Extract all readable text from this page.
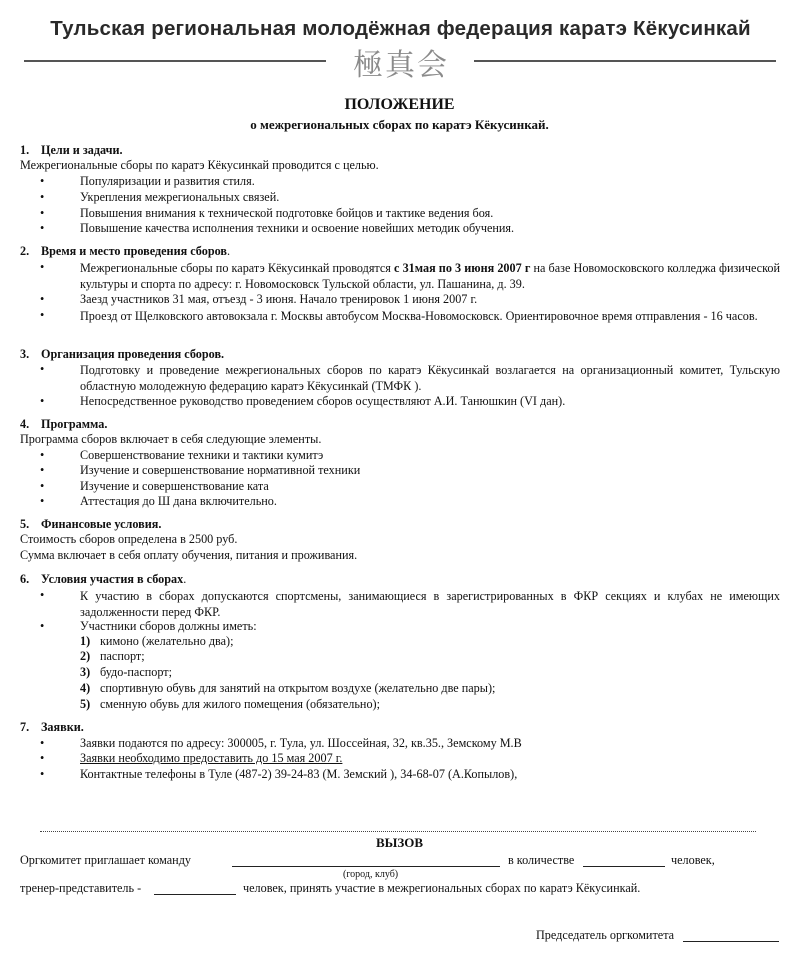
Тульская региональная молодёжная федерация каратэ Кёкусинкай
極真会
ПОЛОЖЕНИЕ
о межрегиональных сборах по каратэ Кёкусинкай.
1. Цели и задачи.
Межрегиональные сборы по каратэ Кёкусинкай проводится с целью.
•	Популяризации и развития стиля.
•	Укрепления межрегиональных связей.
•	Повышения внимания к технической подготовке бойцов и тактике ведения боя.
•	Повышение качества исполнения техники и освоение новейших методик обучения.
2. Время и место проведения сборов.
•	Межрегиональные сборы по каратэ Кёкусинкай проводятся с 31мая по 3 июня 2007 г на базе Новомосковского колледжа физической культуры и спорта по адресу: г. Новомосковск Тульской области, ул. Пашанина, д. 39.
•	Заезд участников 31 мая, отъезд - 3 июня. Начало тренировок 1 июня 2007 г.
•	Проезд от Щелковского автовокзала г. Москвы автобусом Москва-Новомосковск. Ориентировочное время отправления - 16 часов.
3. Организация проведения сборов.
•	Подготовку и проведение межрегиональных сборов по каратэ Кёкусинкай возлагается на организационный комитет, Тульскую областную молодежную федерацию каратэ Кёкусинкай (ТМФК ).
•	Непосредственное руководство проведением сборов осуществляют А.И. Танюшкин (VI дан).
4. Программа.
Программа сборов включает в себя следующие элементы.
•	Совершенствование техники и тактики кумитэ
•	Изучение и совершенствование нормативной техники
•	Изучение и совершенствование ката
•	Аттестация до Ш дана включительно.
5. Финансовые условия.
Стоимость сборов определена в 2500 руб.
Сумма включает в себя оплату обучения, питания и проживания.
6. Условия участия в сборах.
•	К участию в сборах допускаются спортсмены, занимающиеся в зарегистрированных в ФКР секциях и клубах не имеющих задолженности перед ФКР.
•	Участники сборов должны иметь:
1) кимоно (желательно два);
2) паспорт;
3) будо-паспорт;
4) спортивную обувь для занятий на открытом воздухе (желательно две пары);
5) сменную обувь для жилого помещения (обязательно);
7. Заявки.
•	Заявки подаются по адресу: 300005, г. Тула, ул. Шоссейная, 32, кв.35., Земскому М.В
•	Заявки необходимо предоставить до 15 мая 2007 г.
•	Контактные телефоны в Туле (487-2) 39-24-83 (М. Земский ), 34-68-07 (А.Копылов),
ВЫЗОВ
Оргкомитет приглашает команду	в количестве	человек,
(город, клуб)
тренер-представитель -	человек, принять участие в межрегиональных сборах по каратэ Кёкусинкай.
Председатель оргкомитета
